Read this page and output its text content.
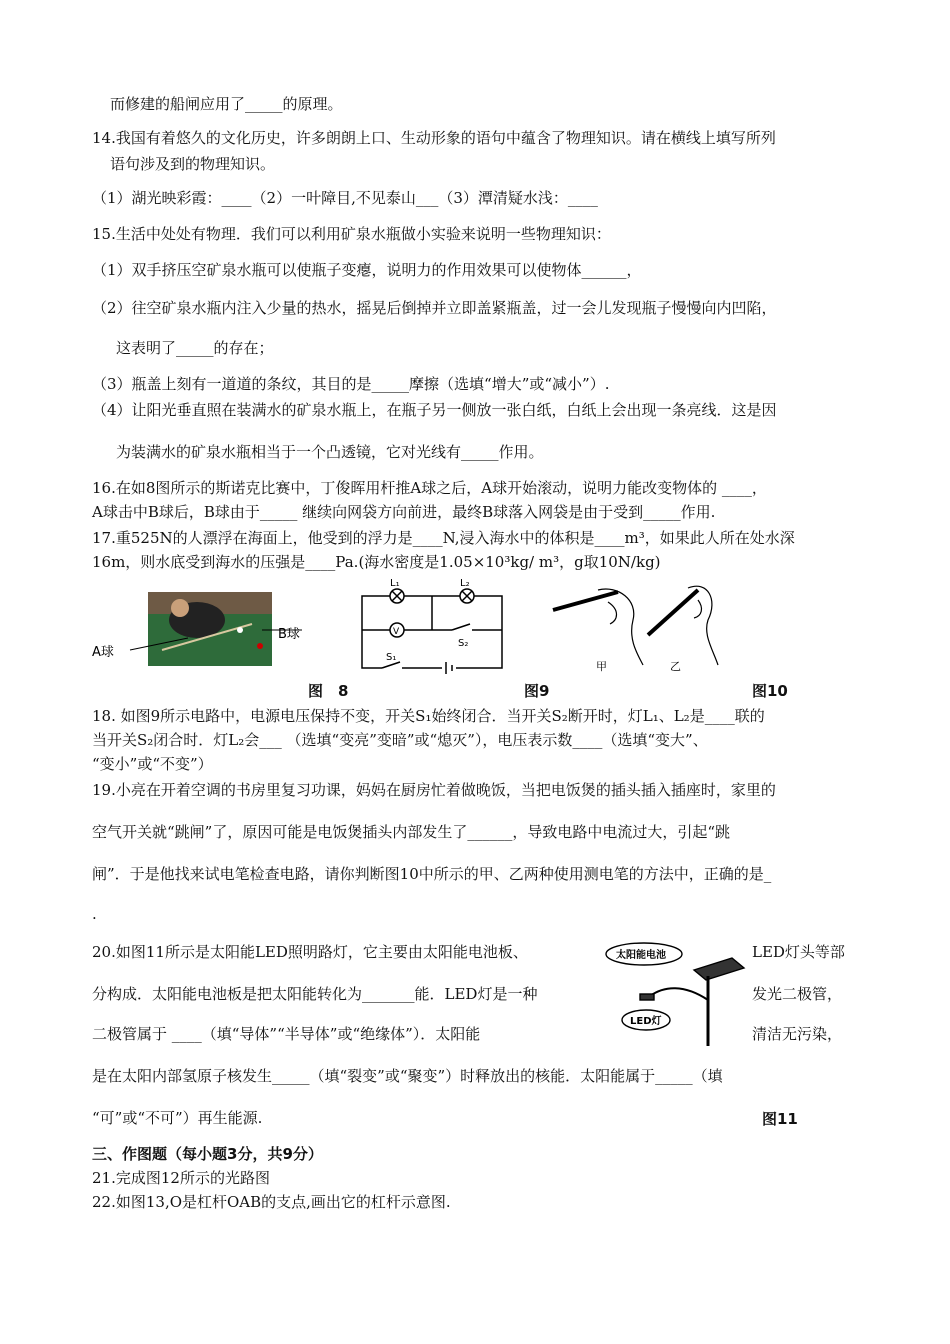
而修建的船闸应用了_____的原理。
14.我国有着悠久的文化历史，许多朗朗上口、生动形象的语句中蕴含了物理知识。请在横线上填写所列
语句涉及到的物理知识。
（1）湖光映彩霞：____（2）一叶障目,不见泰山___（3）潭清疑水浅：____
15.生活中处处有物理．我们可以利用矿泉水瓶做小实验来说明一些物理知识：
（1）双手挤压空矿泉水瓶可以使瓶子变瘪，说明力的作用效果可以使物体______，
（2）往空矿泉水瓶内注入少量的热水，摇晃后倒掉并立即盖紧瓶盖，过一会儿发现瓶子慢慢向内凹陷，
这表明了_____的存在；
（3）瓶盖上刻有一道道的条纹，其目的是_____摩擦（选填“增大”或“减小”）.
（4）让阳光垂直照在装满水的矿泉水瓶上，在瓶子另一侧放一张白纸，白纸上会出现一条亮线．这是因
为装满水的矿泉水瓶相当于一个凸透镜，它对光线有_____作用。
16.在如8图所示的斯诺克比赛中，丁俊晖用杆推A球之后，A球开始滚动，说明力能改变物体的 ____，
A球击中B球后，B球由于_____ 继续向网袋方向前进，最终B球落入网袋是由于受到_____作用.
17.重525N的人漂浮在海面上，他受到的浮力是____N,浸入海水中的体积是____m³，如果此人所在处水深
16m，则水底受到海水的压强是____Pa.(海水密度是1.05×10³kg/ m³，g取10N/kg)
A球
B球	V
L₁	L₂
S₁
S₂
甲	乙
图　8	图9	图10
18. 如图9所示电路中，电源电压保持不变，开关S₁始终闭合．当开关S₂断开时，灯L₁、L₂是____联的
当开关S₂闭合时．灯L₂会___ （选填“变亮”变暗”或“熄灭”），电压表示数____（选填“变大”、
“变小”或“不变”）
19.小亮在开着空调的书房里复习功课，妈妈在厨房忙着做晚饭，当把电饭煲的插头插入插座时，家里的
空气开关就“跳闸”了，原因可能是电饭煲插头内部发生了______，导致电路中电流过大，引起“跳
闸”．于是他找来试电笔检查电路，请你判断图10中所示的甲、乙两种使用测电笔的方法中，正确的是_
.
20.如图11所示是太阳能LED照明路灯，它主要由太阳能电池板、	LED灯头等部
分构成．太阳能电池板是把太阳能转化为_______能．LED灯是一种	发光二极管，
二极管属于 ____（填“导体”“半导体”或“绝缘体”）．太阳能	清洁无污染，
太阳能电池
LED灯
是在太阳内部氢原子核发生_____（填“裂变”或“聚变”）时释放出的核能．太阳能属于_____（填
“可”或“不可”）再生能源.	图11
三、作图题（每小题3分，共9分）
21.完成图12所示的光路图
22.如图13,O是杠杆OAB的支点,画出它的杠杆示意图.
